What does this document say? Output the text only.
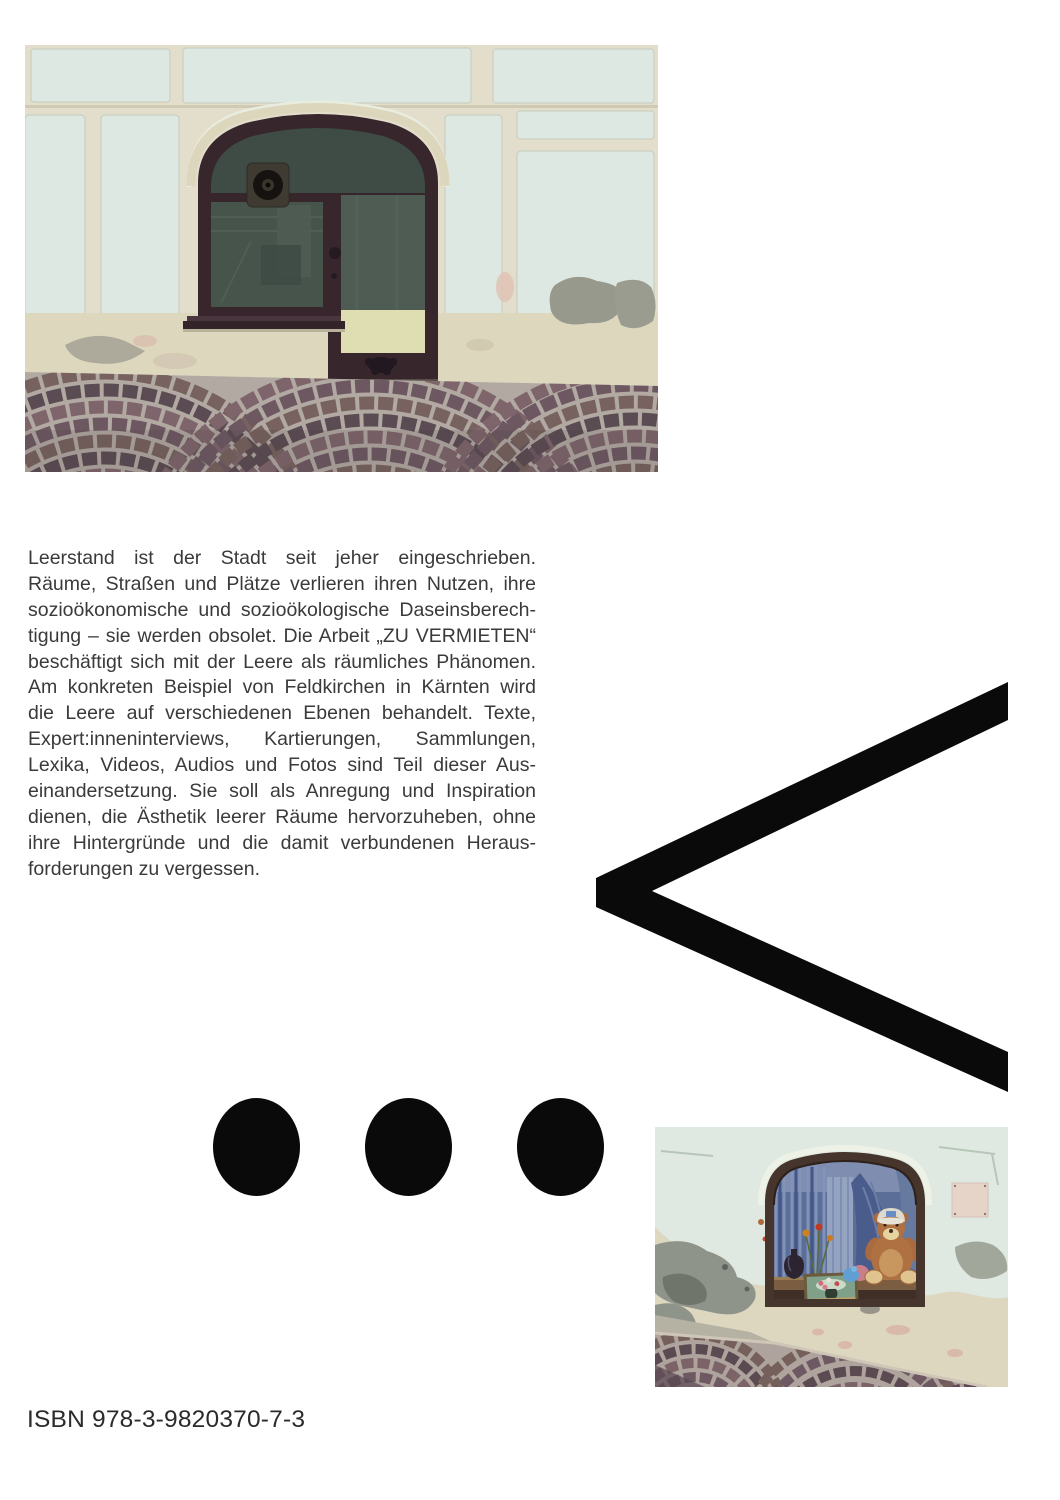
Leerstand ist der Stadt seit jeher eingeschrieben.
Räume, Straßen und Plätze verlieren ihren Nutzen, ihre
sozioökonomische und sozioökologische Daseinsberech-
tigung – sie werden obsolet. Die Arbeit „ZU VERMIETEN“
beschäftigt sich mit der Leere als räumliches Phänomen.
Am konkreten Beispiel von Feldkirchen in Kärnten wird
die Leere auf verschiedenen Ebenen behandelt. Texte,
Expert:inneninterviews, Kartierungen, Sammlungen,
Lexika, Videos, Audios und Fotos sind Teil dieser Aus-
einandersetzung. Sie soll als Anregung und Inspiration
dienen, die Ästhetik leerer Räume hervorzuheben, ohne
ihre Hintergründe und die damit verbundenen Heraus-
forderungen zu vergessen.
ISBN 978-3-9820370-7-3
